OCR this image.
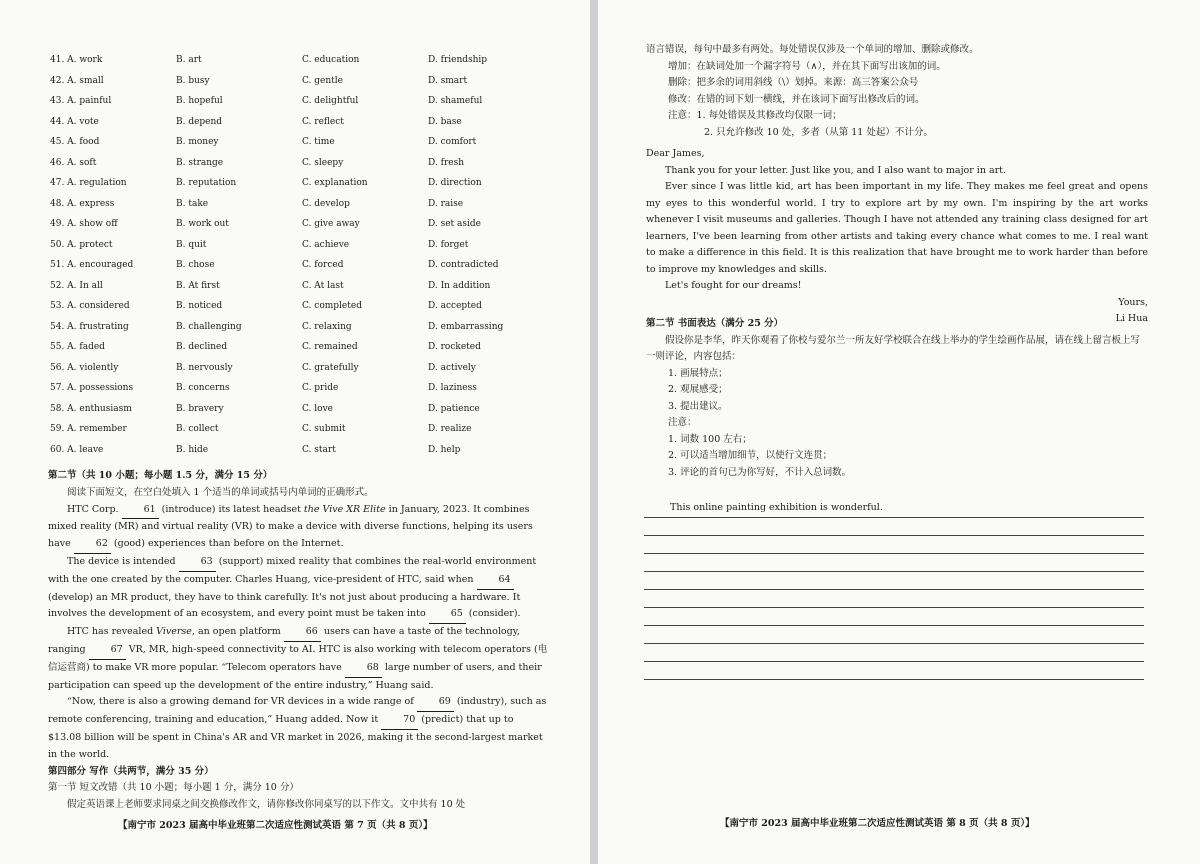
41. A. work	B. art	C. education	D. friendship
42. A. small	B. busy	C. gentle	D. smart
43. A. painful	B. hopeful	C. delightful	D. shameful
44. A. vote	B. depend	C. reflect	D. base
45. A. food	B. money	C. time	D. comfort
46. A. soft	B. strange	C. sleepy	D. fresh
47. A. regulation	B. reputation	C. explanation	D. direction
48. A. express	B. take	C. develop	D. raise
49. A. show off	B. work out	C. give away	D. set aside
50. A. protect	B. quit	C. achieve	D. forget
51. A. encouraged	B. chose	C. forced	D. contradicted
52. A. In all	B. At first	C. At last	D. In addition
53. A. considered	B. noticed	C. completed	D. accepted
54. A. frustrating	B. challenging	C. relaxing	D. embarrassing
55. A. faded	B. declined	C. remained	D. rocketed
56. A. violently	B. nervously	C. gratefully	D. actively
57. A. possessions	B. concerns	C. pride	D. laziness
58. A. enthusiasm	B. bravery	C. love	D. patience
59. A. remember	B. collect	C. submit	D. realize
60. A. leave	B. hide	C. start	D. help

第二节（共 10 小题；每小题 1.5 分，满分 15 分）

阅读下面短文，在空白处填入 1 个适当的单词或括号内单词的正确形式。

HTC Corp. 61 (introduce) its latest headset the Vive XR Elite in January, 2023. It combines mixed reality (MR) and virtual reality (VR) to make a device with diverse functions, helping its users have 62 (good) experiences than before on the Internet.

The device is intended 63 (support) mixed reality that combines the real-world environment with the one created by the computer. Charles Huang, vice-president of HTC, said when 64 (develop) an MR product, they have to think carefully. It's not just about producing a hardware. It involves the development of an ecosystem, and every point must be taken into 65 (consider).

HTC has revealed Viverse, an open platform 66 users can have a taste of the technology, ranging 67 VR, MR, high-speed connectivity to AI. HTC is also working with telecom operators (电信运营商) to make VR more popular. “Telecom operators have 68 large number of users, and their participation can speed up the development of the entire industry,” Huang said.

“Now, there is also a growing demand for VR devices in a wide range of 69 (industry), such as remote conferencing, training and education,” Huang added. Now it 70 (predict) that up to $13.08 billion will be spent in China's AR and VR market in 2026, making it the second-largest market in the world.

第四部分 写作（共两节，满分 35 分）

第一节 短文改错（共 10 小题；每小题 1 分，满分 10 分）

假定英语课上老师要求同桌之间交换修改作文，请你修改你同桌写的以下作文。文中共有 10 处

【南宁市 2023 届高中毕业班第二次适应性测试英语 第 7 页（共 8 页）】
语言错误，每句中最多有两处。每处错误仅涉及一个单词的增加、删除或修改。
增加：在缺词处加一个漏字符号（∧），并在其下面写出该加的词。
删除：把多余的词用斜线（\）划掉。来源：高三答案公众号
修改：在错的词下划一横线，并在该词下面写出修改后的词。
注意：1. 每处错误及其修改均仅限一词；
2. 只允许修改 10 处，多者（从第 11 处起）不计分。
Dear James,
Thank you for your letter. Just like you, and I also want to major in art.
Ever since I was little kid, art has been important in my life. They makes me feel great and opens my eyes to this wonderful world. I try to explore art by my own. I'm inspiring by the art works whenever I visit museums and galleries. Though I have not attended any training class designed for art learners, I've been learning from other artists and taking every chance what comes to me. I real want to make a difference in this field. It is this realization that have brought me to work harder than before to improve my knowledges and skills.
Let's fought for our dreams!
Yours,
Li Hua
第二节 书面表达（满分 25 分）
假设你是李华，昨天你观看了你校与爱尔兰一所友好学校联合在线上举办的学生绘画作品展，请在线上留言板上写一则评论，内容包括：
1. 画展特点；
2. 观展感受；
3. 提出建议。
注意：
1. 词数 100 左右；
2. 可以适当增加细节，以使行文连贯；
3. 评论的首句已为你写好，不计入总词数。
【南宁市 2023 届高中毕业班第二次适应性测试英语 第 8 页（共 8 页）】
This online painting exhibition is wonderful.
